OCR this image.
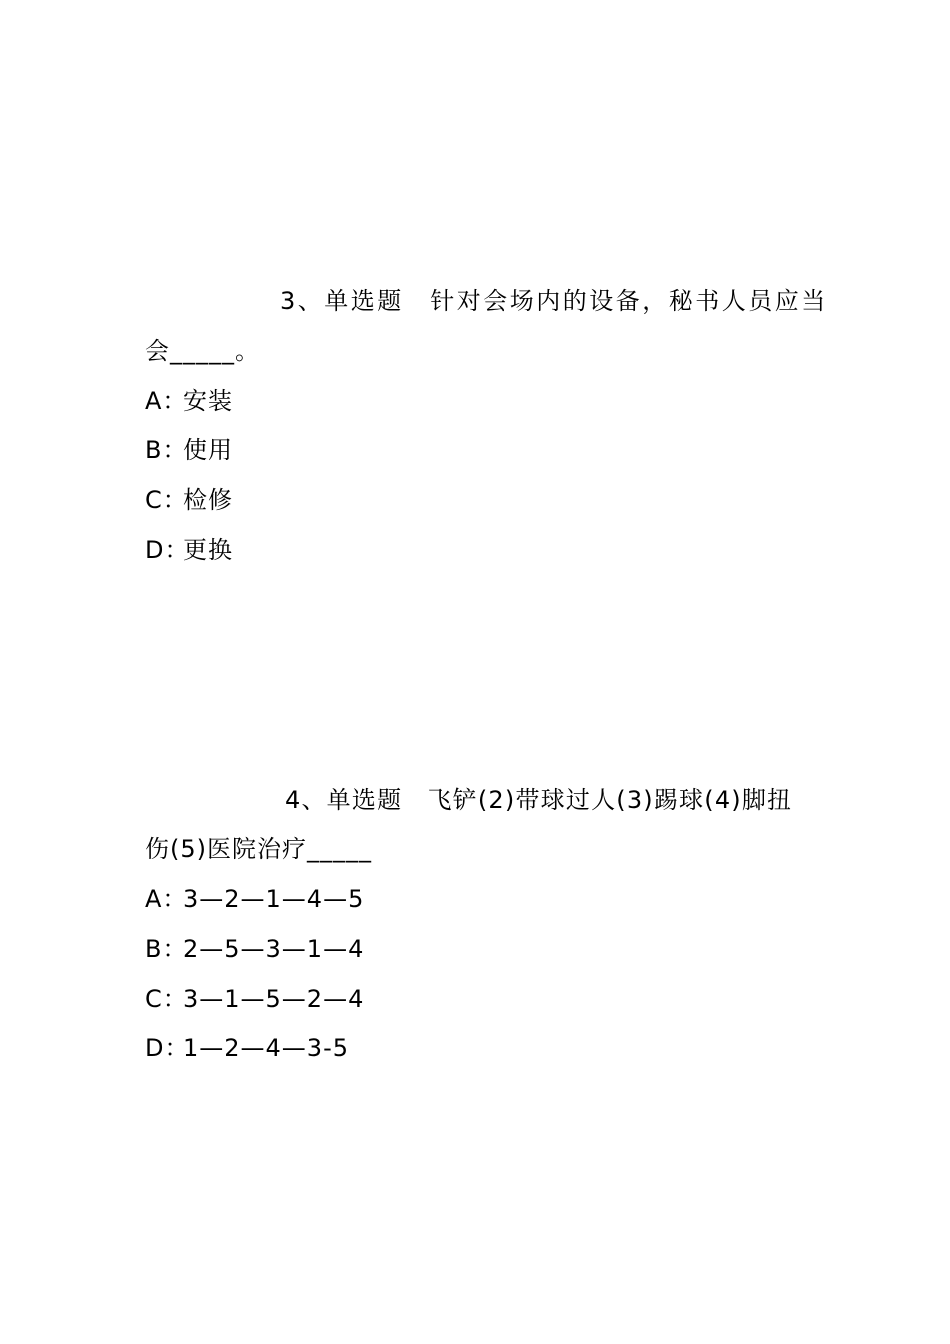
3、单选题　针对会场内的设备，秘书人员应当
会_____。
A：安装
B：使用
C：检修
D：更换
4、单选题　飞铲(2)带球过人(3)踢球(4)脚扭
伤(5)医院治疗_____
A：3—2—1—4—5
B：2—5—3—1—4
C：3—1—5—2—4
D：1—2—4—3-5
